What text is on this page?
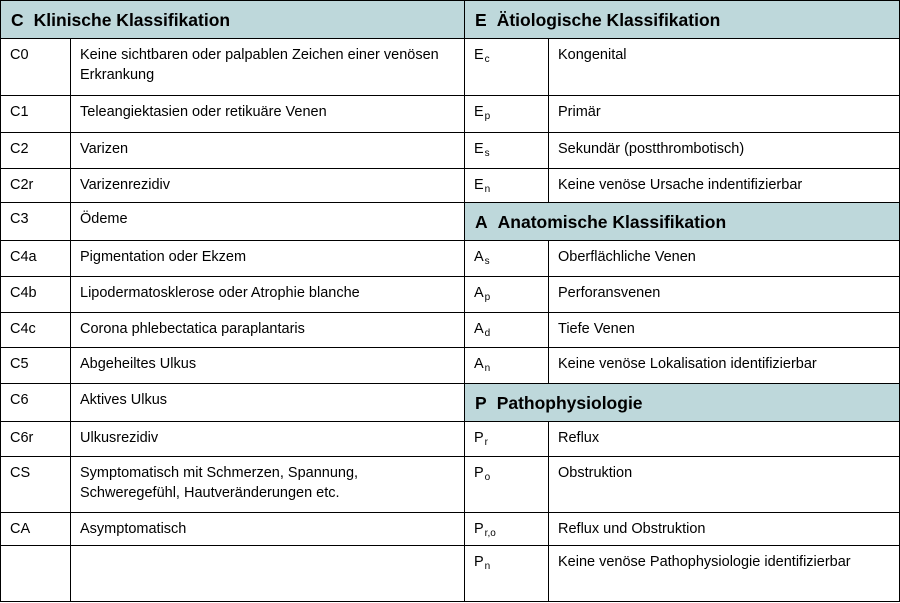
C Klinische Klassifikation		E Ätiologische Klassifikation	
C0	Keine sichtbaren oder palpablen Zeichen einer venösen Erkrankung	$E_c$	Kongenital
C1	Teleangiektasien oder retikuäre Venen	$E_p$	Primär
C2	Varizen	$E_s$	Sekundär (postthrombotisch)
C2r	Varizenrezidiv	$E_n$	Keine venöse Ursache indentifizierbar
C3	Ödeme	A Anatomische Klassifikation	
C4a	Pigmentation oder Ekzem	$A_s$	Oberflächliche Venen
C4b	Lipodermatosklerose oder Atrophie blanche	$A_p$	Perforansvenen
C4c	Corona phlebectatica paraplantaris	$A_d$	Tiefe Venen
C5	Abgeheiltes Ulkus	$A_n$	Keine venöse Lokalisation identifizierbar
C6	Aktives Ulkus	P Pathophysiologie	
C6r	Ulkusrezidiv	$P_r$	Reflux
CS	Symptomatisch mit Schmerzen, Spannung, Schweregefühl, Hautveränderungen etc.	$P_o$	Obstruktion
CA	Asymptomatisch	$P_{r,o}$	Reflux und Obstruktion
		$P_n$	Keine venöse Pathophysiologie identifizierbar
